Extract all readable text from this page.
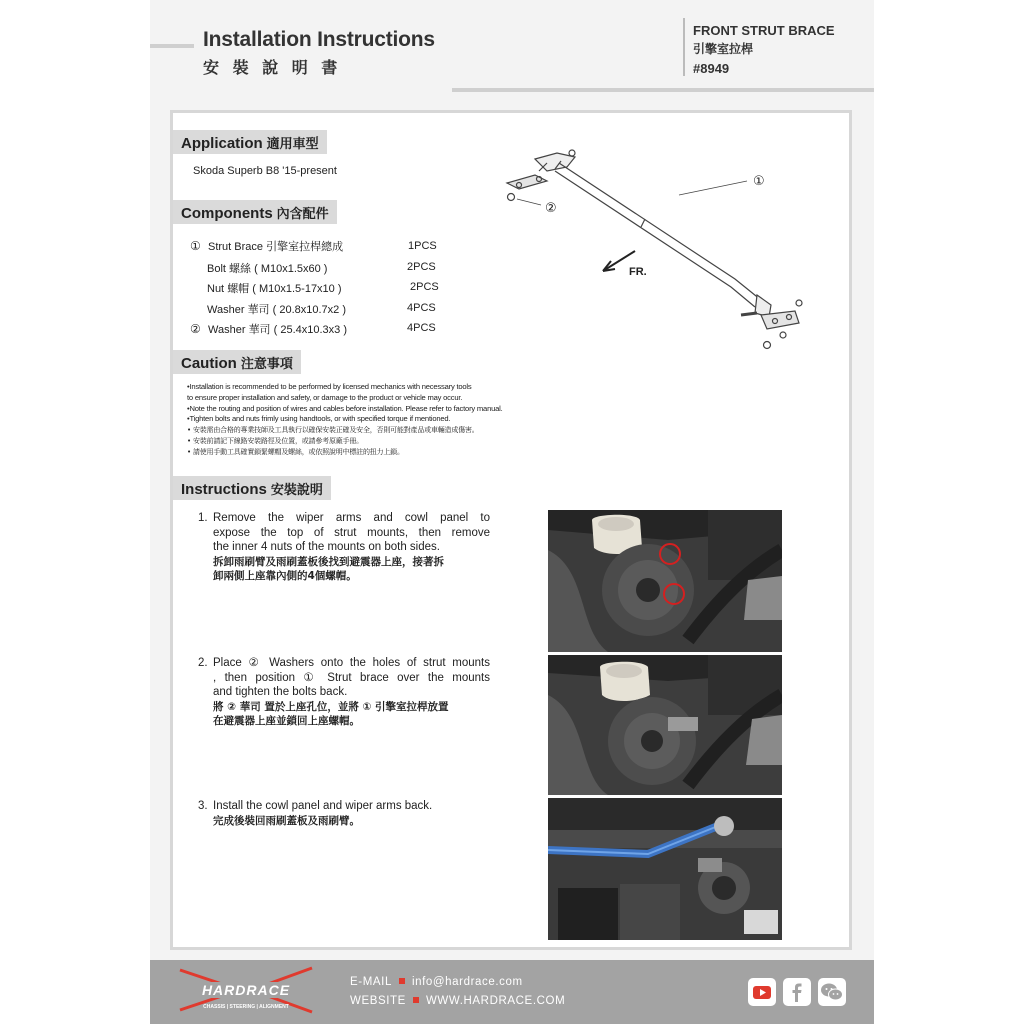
Installation Instructions
安 裝 說 明 書
FRONT STRUT BRACE
引擎室拉桿
#8949
Application 適用車型
Skoda Superb B8 '15-present
Components 內含配件
① Strut Brace 引擎室拉桿總成	1PCS
Bolt 螺絲 ( M10x1.5x60 )	2PCS
Nut 螺帽 ( M10x1.5-17x10 )	2PCS
Washer 華司 ( 20.8x10.7x2 )	4PCS
② Washer 華司 ( 25.4x10.3x3 )	4PCS
①
②
FR.
Caution 注意事項
•Installation is recommended to be performed by licensed mechanics with necessary tools
to ensure proper installation and safety, or damage to the product or vehicle may occur.
•Note the routing and position of wires and cables before installation. Please refer to factory manual.
•Tighten bolts and nuts frimly using handtools, or with specified torque if mentioned.
• 安裝需由合格的專業技師及工具執行以確保安裝正確及安全，否則可能對產品或車輛造成傷害。
• 安裝前請記下線路安裝路徑及位置，或請參考原廠手冊。
• 請使用手動工具確實鎖緊螺帽及螺絲，或依照說明中標註的扭力上鎖。
Instructions 安裝說明
1. Remove the wiper arms and cowl panel to
expose the top of strut mounts, then remove
the inner 4 nuts of the mounts on both sides.
拆卸雨刷臂及雨刷蓋板後找到避震器上座，接著拆
卸兩側上座靠內側的4個螺帽。
2. Place ② Washers onto the holes of strut mounts
, then position ① Strut brace over the mounts
and tighten the bolts back.
將 ② 華司 置於上座孔位，並將 ① 引擎室拉桿放置
在避震器上座並鎖回上座螺帽。
3. Install the cowl panel and wiper arms back.
完成後裝回雨刷蓋板及雨刷臂。
HARDRACE
CHASSIS | STEERING | ALIGNMENT
E-MAIL info@hardrace.com
WEBSITE WWW.HARDRACE.COM
